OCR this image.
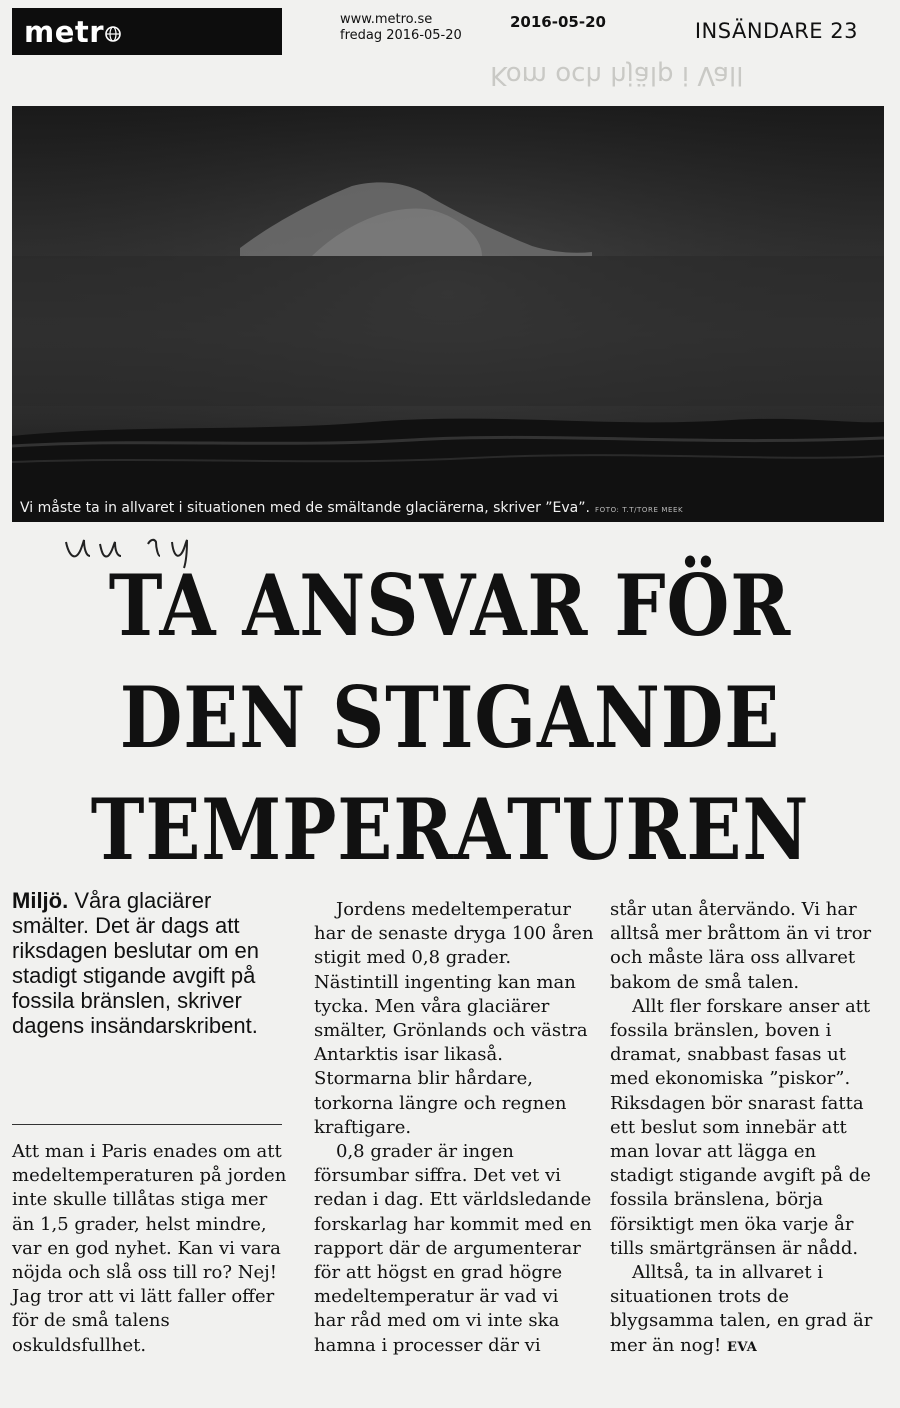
Kom och hjälp i Vall
metr	www.metro.se
fredag 2016-05-20
2016-05-20	INSÄNDARE 23
Vi måste ta in allvaret i situationen med de smältande glaciärerna, skriver ”Eva”. FOTO: T.T/TORE MEEK
TA ANSVAR FÖR
DEN STIGANDE
TEMPERATUREN
Miljö. Våra glaciärer smälter. Det är dags att riksdagen beslutar om en stadigt stigande avgift på fossila bränslen, skriver dagens insändarskribent.

Att man i Paris enades om att medeltemperaturen på jorden inte skulle tillåtas stiga mer än 1,5 grader, helst mindre, var en god nyhet. Kan vi vara nöjda och slå oss till ro? Nej! Jag tror att vi lätt faller offer för de små talens oskuldsfullhet.

Jordens medeltemperatur har de senaste dryga 100 åren stigit med 0,8 grader. Nästintill ingenting kan man tycka. Men våra glaciärer smälter, Grönlands och västra Antarktis isar likaså. Stormarna blir hårdare, torkorna längre och regnen kraftigare.

0,8 grader är ingen försumbar siffra. Det vet vi redan i dag. Ett världsledande forskarlag har kommit med en rapport där de argumenterar för att högst en grad högre medeltemperatur är vad vi har råd med om vi inte ska hamna i processer där vi

står utan återvändo. Vi har alltså mer bråttom än vi tror och måste lära oss allvaret bakom de små talen.

Allt fler forskare anser att fossila bränslen, boven i dramat, snabbast fasas ut med ekonomiska ”piskor”. Riksdagen bör snarast fatta ett beslut som innebär att man lovar att lägga en stadigt stigande avgift på de fossila bränslena, börja försiktigt men öka varje år tills smärtgränsen är nådd.

Alltså, ta in allvaret i situationen trots de blygsamma talen, en grad är mer än nog! EVA
